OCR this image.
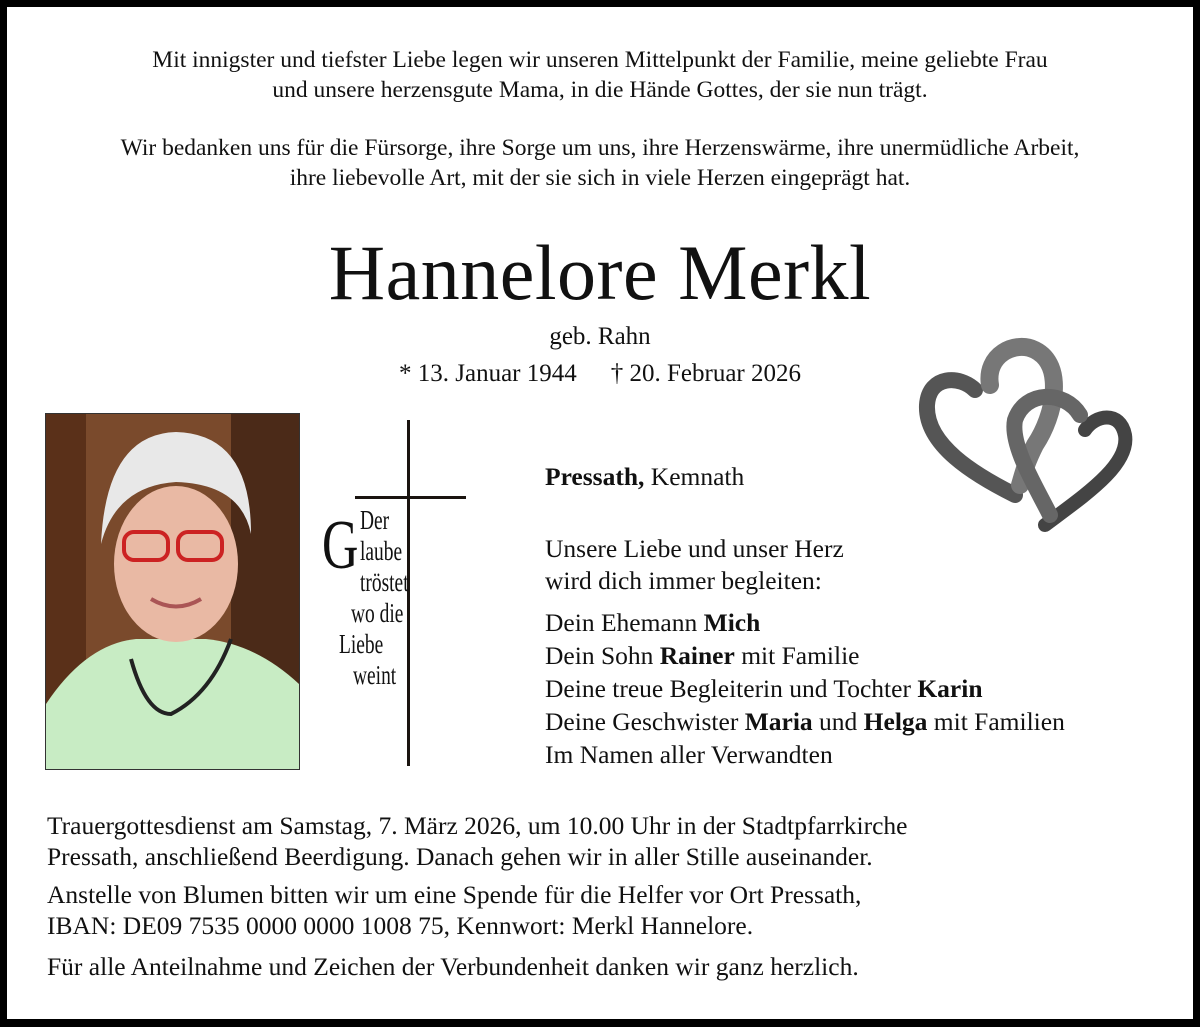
Mit innigster und tiefster Liebe legen wir unseren Mittelpunkt der Familie, meine geliebte Frau
und unsere herzensgute Mama, in die Hände Gottes, der sie nun trägt.
Wir bedanken uns für die Fürsorge, ihre Sorge um uns, ihre Herzenswärme, ihre unermüdliche Arbeit,
ihre liebevolle Art, mit der sie sich in viele Herzen eingeprägt hat.
Hannelore Merkl
geb. Rahn
* 13. Januar 1944 † 20. Februar 2026
G Der
laube
tröstet
wo die
Liebe
weint
Pressath, Kemnath
Unsere Liebe und unser Herz
wird dich immer begleiten:
Dein Ehemann Mich
Dein Sohn Rainer mit Familie
Deine treue Begleiterin und Tochter Karin
Deine Geschwister Maria und Helga mit Familien
Im Namen aller Verwandten
Trauergottesdienst am Samstag, 7. März 2026, um 10.00 Uhr in der Stadtpfarrkirche
Pressath, anschließend Beerdigung. Danach gehen wir in aller Stille auseinander.
Anstelle von Blumen bitten wir um eine Spende für die Helfer vor Ort Pressath,
IBAN: DE09 7535 0000 0000 1008 75, Kennwort: Merkl Hannelore.
Für alle Anteilnahme und Zeichen der Verbundenheit danken wir ganz herzlich.
